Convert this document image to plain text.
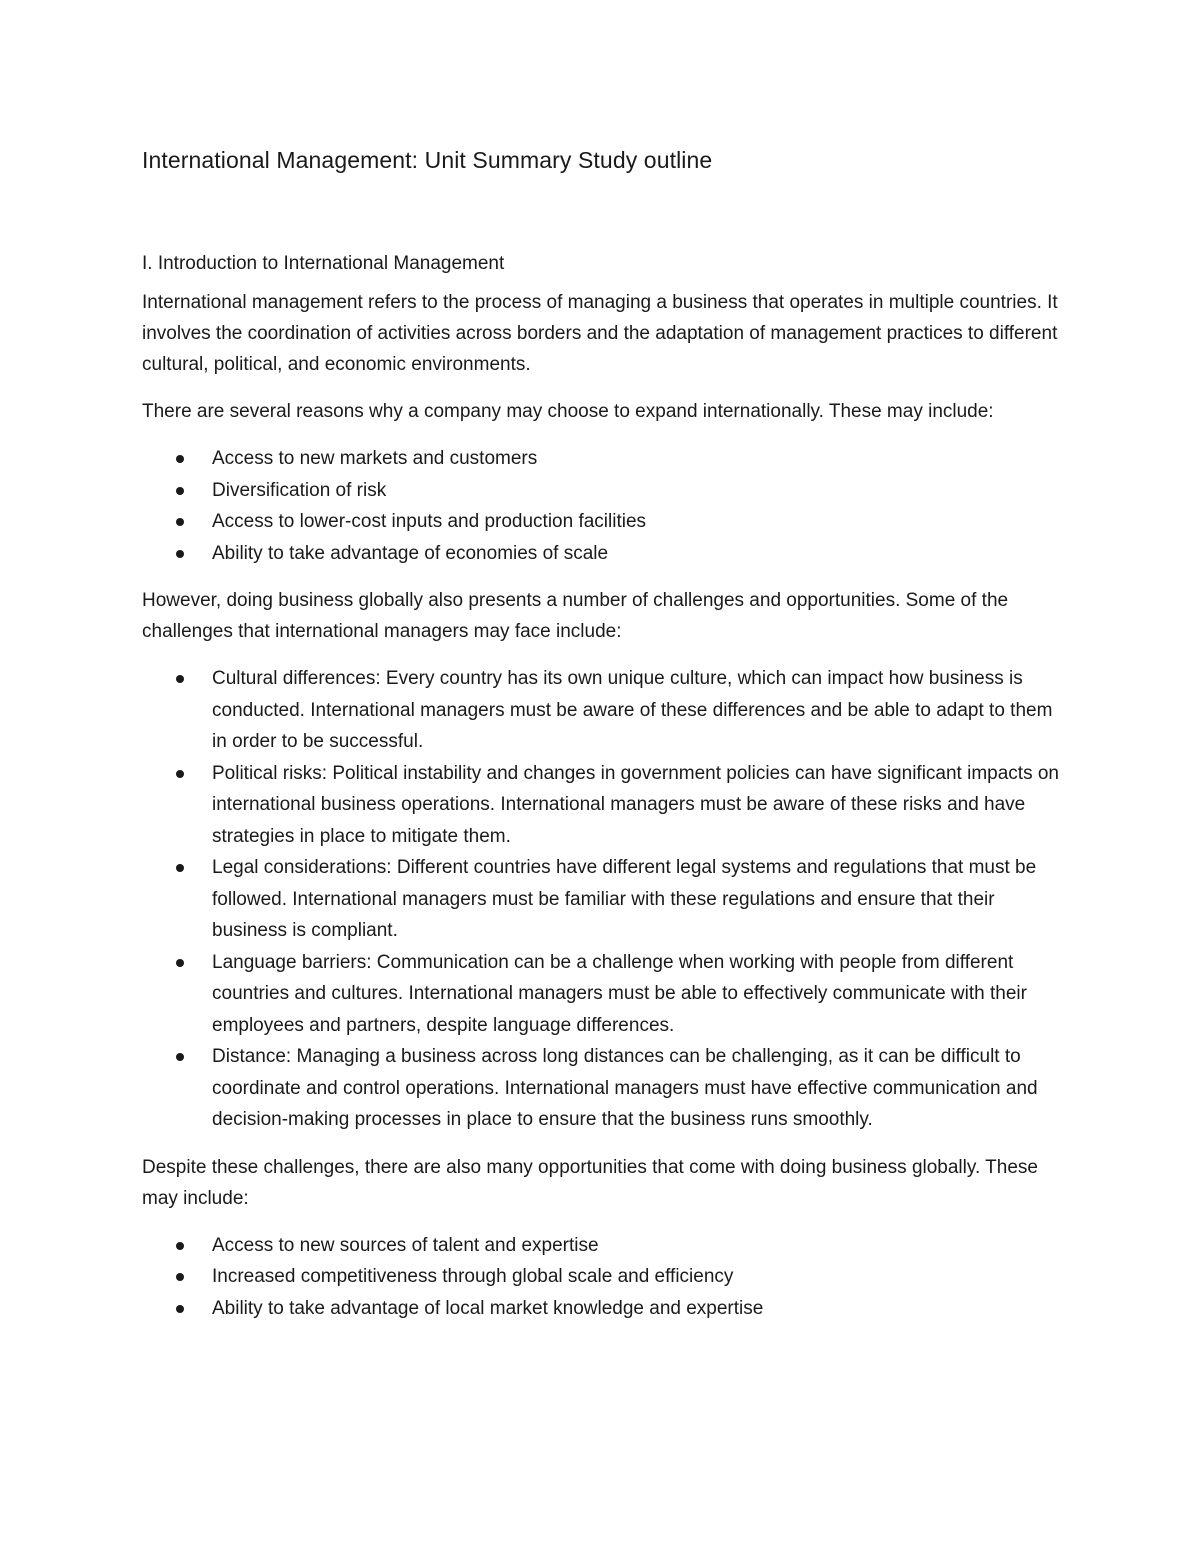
International Management: Unit Summary Study outline
I. Introduction to International Management

International management refers to the process of managing a business that operates in multiple countries. It involves the coordination of activities across borders and the adaptation of management practices to different cultural, political, and economic environments.

There are several reasons why a company may choose to expand internationally. These may include:

Access to new markets and customers
Diversification of risk
Access to lower-cost inputs and production facilities
Ability to take advantage of economies of scale

However, doing business globally also presents a number of challenges and opportunities. Some of the challenges that international managers may face include:

Cultural differences: Every country has its own unique culture, which can impact how business is conducted. International managers must be aware of these differences and be able to adapt to them in order to be successful.
Political risks: Political instability and changes in government policies can have significant impacts on international business operations. International managers must be aware of these risks and have strategies in place to mitigate them.
Legal considerations: Different countries have different legal systems and regulations that must be followed. International managers must be familiar with these regulations and ensure that their business is compliant.
Language barriers: Communication can be a challenge when working with people from different countries and cultures. International managers must be able to effectively communicate with their employees and partners, despite language differences.
Distance: Managing a business across long distances can be challenging, as it can be difficult to coordinate and control operations. International managers must have effective communication and decision-making processes in place to ensure that the business runs smoothly.

Despite these challenges, there are also many opportunities that come with doing business globally. These may include:

Access to new sources of talent and expertise
Increased competitiveness through global scale and efficiency
Ability to take advantage of local market knowledge and expertise
